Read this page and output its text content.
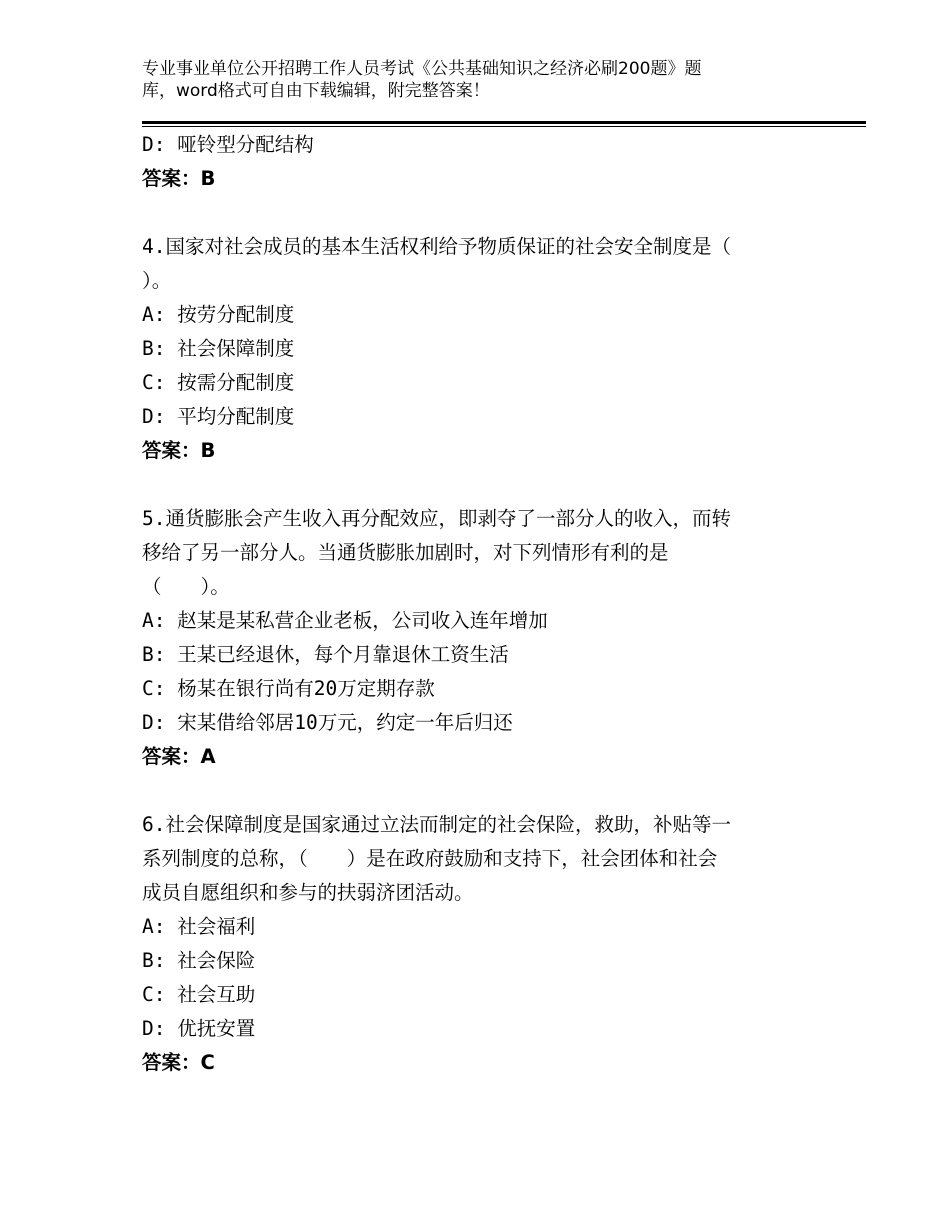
专业事业单位公开招聘工作人员考试《公共基础知识之经济必刷200题》题
库，word格式可自由下载编辑，附完整答案！
D: 哑铃型分配结构
答案：B
4.国家对社会成员的基本生活权利给予物质保证的社会安全制度是（
）。
A: 按劳分配制度
B: 社会保障制度
C: 按需分配制度
D: 平均分配制度
答案：B
5.通货膨胀会产生收入再分配效应，即剥夺了一部分人的收入，而转
移给了另一部分人。当通货膨胀加剧时，对下列情形有利的是
（　　）。
A: 赵某是某私营企业老板，公司收入连年增加
B: 王某已经退休，每个月靠退休工资生活
C: 杨某在银行尚有20万定期存款
D: 宋某借给邻居10万元，约定一年后归还
答案：A
6.社会保障制度是国家通过立法而制定的社会保险，救助，补贴等一
系列制度的总称，（　　）是在政府鼓励和支持下，社会团体和社会
成员自愿组织和参与的扶弱济团活动。
A: 社会福利
B: 社会保险
C: 社会互助
D: 优抚安置
答案：C
